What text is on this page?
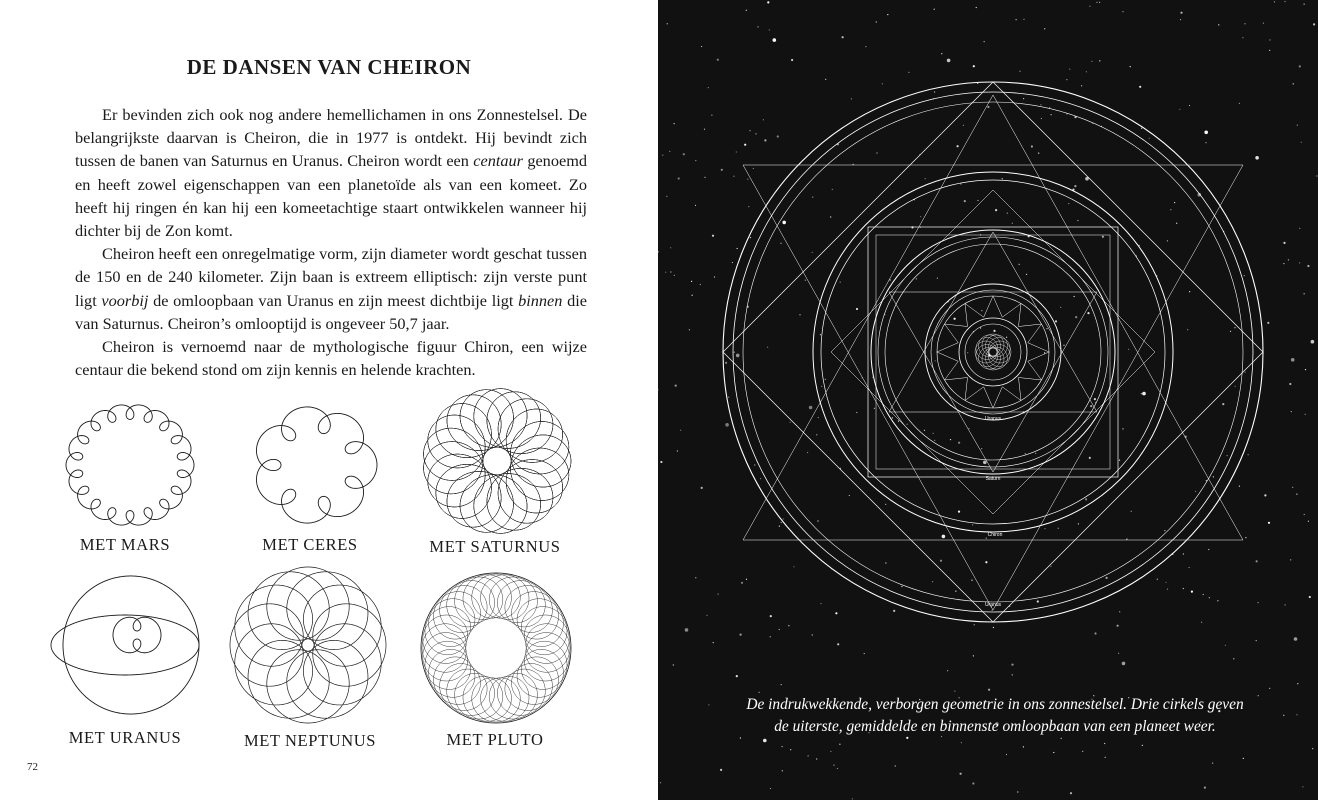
DE DANSEN VAN CHEIRON

Er bevinden zich ook nog andere hemellichamen in ons Zonnestelsel. De belangrijkste daarvan is Cheiron, die in 1977 is ontdekt. Hij bevindt zich tussen de banen van Saturnus en Uranus. Cheiron wordt een centaur genoemd en heeft zowel eigenschappen van een planetoïde als van een komeet. Zo heeft hij ringen én kan hij een komeetachtige staart ontwikkelen wanneer hij dichter bij de Zon komt.

Cheiron heeft een onregelmatige vorm, zijn diameter wordt geschat tussen de 150 en de 240 kilometer. Zijn baan is extreem elliptisch: zijn verste punt ligt voorbij de omloopbaan van Uranus en zijn meest dichtbije ligt binnen die van Saturnus. Cheiron’s omlooptijd is ongeveer 50,7 jaar.

Cheiron is vernoemd naar de mythologische figuur Chiron, een wijze centaur die bekend stond om zijn kennis en helende krachten.

MET MARS	MET CERES	MET SATURNUS
MET URANUS	MET NEPTUNUS	MET PLUTO
72
Uranus
Saturn
Chiron
Uranus

De indrukwekkende, verborgen geometrie in ons zonnestelsel. Drie cirkels geven

de uiterste, gemiddelde en binnenste omloopbaan van een planeet weer.
